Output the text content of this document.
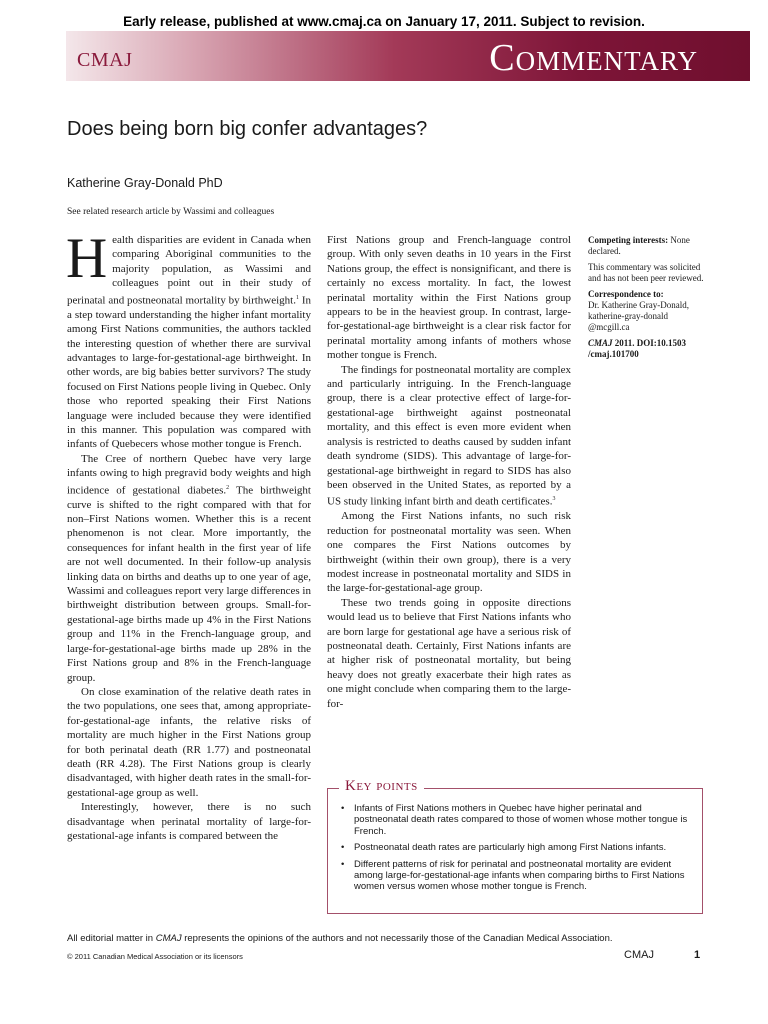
Early release, published at www.cmaj.ca on January 17, 2011. Subject to revision.
CMAJ	Commentary
Does being born big confer advantages?
Katherine Gray-Donald PhD
See related research article by Wassimi and colleagues

Health disparities are evident in Canada when comparing Aboriginal communities to the majority population, as Wassimi and colleagues point out in their study of perinatal and postneonatal mortality by birthweight.$^1$ In a step toward understanding the higher infant mortality among First Nations communities, the authors tackled the interesting question of whether there are survival advantages to large-for-gestational-age birthweight. In other words, are big babies better survivors? The study focused on First Nations people living in Quebec. Only those who reported speaking their First Nations language were included because they were identified in this manner. This population was compared with infants of Quebecers whose mother tongue is French.

The Cree of northern Quebec have very large infants owing to high pregravid body weights and high incidence of gestational diabetes.$^2$ The birthweight curve is shifted to the right compared with that for non–First Nations women. Whether this is a recent phenomenon is not clear. More importantly, the consequences for infant health in the first year of life are not well documented. In their follow-up analysis linking data on births and deaths up to one year of age, Wassimi and colleagues report very large differences in birthweight distribution between groups. Small-for-gestational-age births made up 4% in the First Nations group and 11% in the French-language group, and large-for-gestational-age births made up 28% in the First Nations group and 8% in the French-language group.

On close examination of the relative death rates in the two populations, one sees that, among appropriate-for-gestational-age infants, the relative risks of mortality are much higher in the First Nations group for both perinatal death (RR 1.77) and postneonatal death (RR 4.28). The First Nations group is clearly disadvantaged, with higher death rates in the small-for-gestational-age group as well.

Interestingly, however, there is no such disadvantage when perinatal mortality of large-for-gestational-age infants is compared between the

First Nations group and French-language control group. With only seven deaths in 10 years in the First Nations group, the effect is nonsignificant, and there is certainly no excess mortality. In fact, the lowest perinatal mortality within the First Nations group appears to be in the heaviest group. In contrast, large-for-gestational-age birthweight is a clear risk factor for perinatal mortality among infants of mothers whose mother tongue is French.

The findings for postneonatal mortality are complex and particularly intriguing. In the French-language group, there is a clear protective effect of large-for-gestational-age birthweight against postneonatal mortality, and this effect is even more evident when analysis is restricted to deaths caused by sudden infant death syndrome (SIDS). This advantage of large-for-gestational-age birthweight in regard to SIDS has also been observed in the United States, as reported by a US study linking infant birth and death certificates.$^3$

Among the First Nations infants, no such risk reduction for postneonatal mortality was seen. When one compares the First Nations outcomes by birthweight (within their own group), there is a very modest increase in postneonatal mortality and SIDS in the large-for-gestational-age group.

These two trends going in opposite directions would lead us to believe that First Nations infants who are born large for gestational age have a serious risk of postneonatal death. Certainly, First Nations infants are at higher risk of postneonatal mortality, but being heavy does not greatly exacerbate their high rates as one might conclude when comparing them to the large-for-

Competing interests: None declared.

This commentary was solicited and has not been peer reviewed.

Correspondence to:
Dr. Katherine Gray-Donald, katherine-gray-donald @mcgill.ca

CMAJ 2011. DOI:10.1503 /cmaj.101700

Key points
• Infants of First Nations mothers in Quebec have higher perinatal and postneonatal death rates compared to those of women whose mother tongue is French.
• Postneonatal death rates are particularly high among First Nations infants.
• Different patterns of risk for perinatal and postneonatal mortality are evident among large-for-gestational-age infants when comparing births to First Nations women versus women whose mother tongue is French.
All editorial matter in CMAJ represents the opinions of the authors and not necessarily those of the Canadian Medical Association.
© 2011 Canadian Medical Association or its licensors	CMAJ	1
